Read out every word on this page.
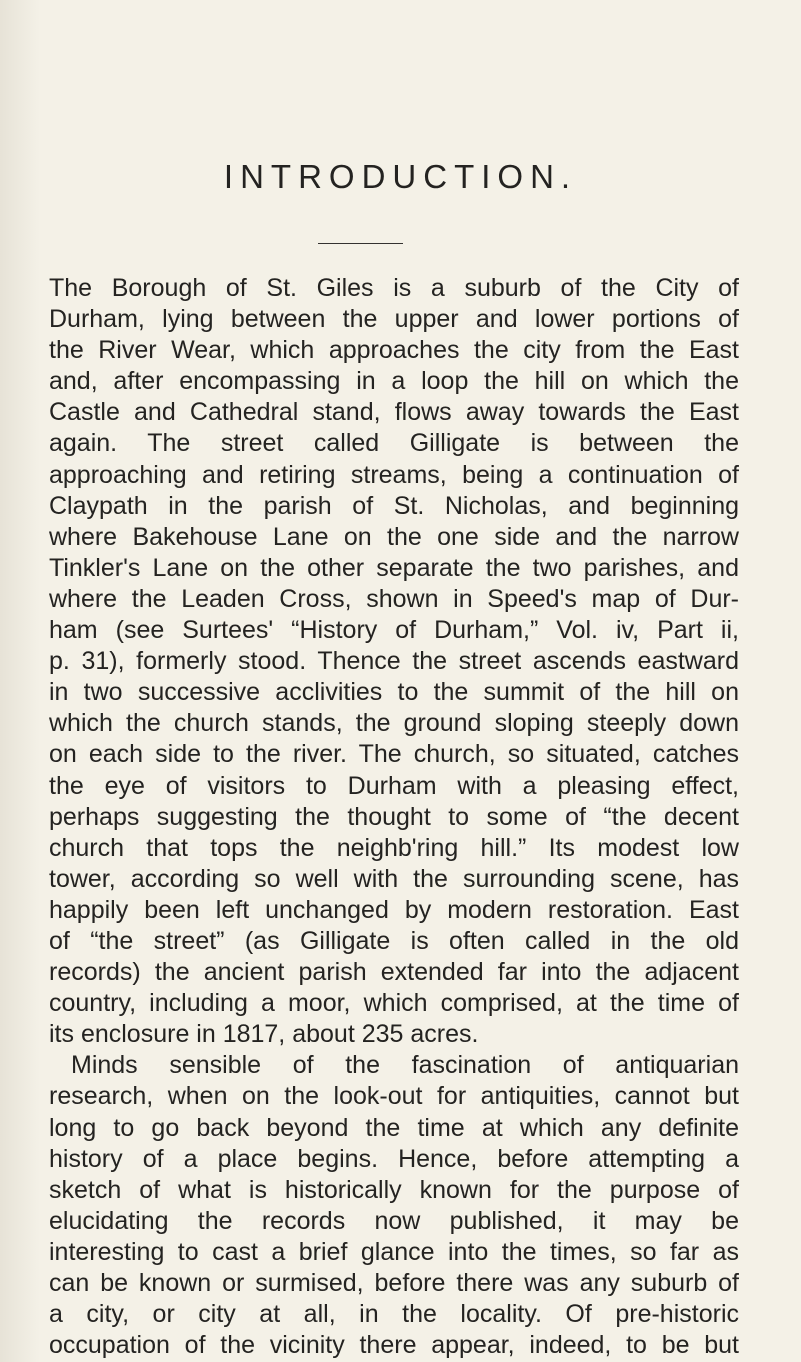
INTRODUCTION.
The Borough of St. Giles is a suburb of the City of
Durham, lying between the upper and lower portions of
the River Wear, which approaches the city from the East
and, after encompassing in a loop the hill on which the
Castle and Cathedral stand, flows away towards the East
again. The street called Gilligate is between the
approaching and retiring streams, being a continuation of
Claypath in the parish of St. Nicholas, and beginning
where Bakehouse Lane on the one side and the narrow
Tinkler's Lane on the other separate the two parishes, and
where the Leaden Cross, shown in Speed's map of Dur-
ham (see Surtees' “History of Durham,” Vol. iv, Part ii,
p. 31), formerly stood. Thence the street ascends eastward
in two successive acclivities to the summit of the hill on
which the church stands, the ground sloping steeply down
on each side to the river. The church, so situated, catches
the eye of visitors to Durham with a pleasing effect,
perhaps suggesting the thought to some of “the decent
church that tops the neighb'ring hill.” Its modest low
tower, according so well with the surrounding scene, has
happily been left unchanged by modern restoration. East
of “the street” (as Gilligate is often called in the old
records) the ancient parish extended far into the adjacent
country, including a moor, which comprised, at the time of
its enclosure in 1817, about 235 acres.
Minds sensible of the fascination of antiquarian
research, when on the look-out for antiquities, cannot but
long to go back beyond the time at which any definite
history of a place begins. Hence, before attempting a
sketch of what is historically known for the purpose of
elucidating the records now published, it may be
interesting to cast a brief glance into the times, so far as
can be known or surmised, before there was any suburb of
a city, or city at all, in the locality. Of pre-historic
occupation of the vicinity there appear, indeed, to be but
